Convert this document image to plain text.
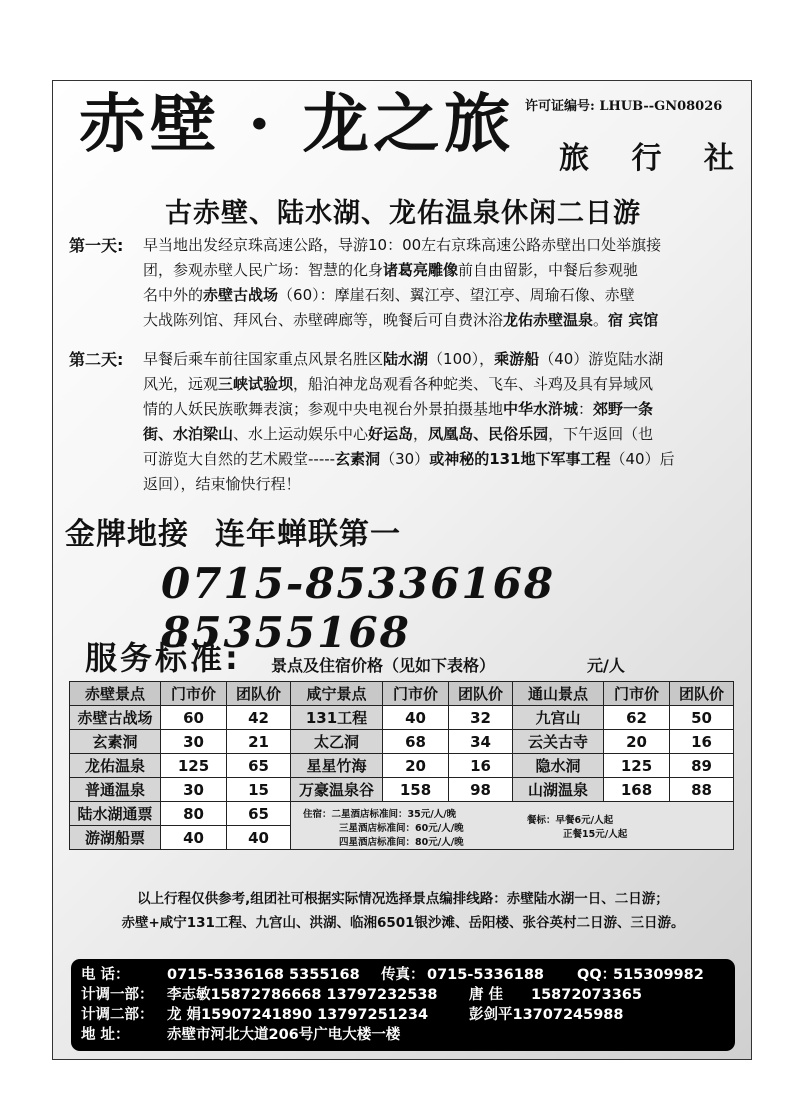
赤壁 · 龙之旅 许可证编号: LHUB--GN08026
旅 行 社
古赤壁、陆水湖、龙佑温泉休闲二日游
第一天: 早当地出发经京珠高速公路，导游10：00左右京珠高速公路赤壁出口处举旗接
团，参观赤壁人民广场：智慧的化身诸葛亮雕像前自由留影，中餐后参观驰
名中外的赤壁古战场（60）：摩崖石刻、翼江亭、望江亭、周瑜石像、赤壁
大战陈列馆、拜风台、赤壁碑廊等，晚餐后可自费沐浴龙佑赤壁温泉。宿 宾馆
第二天: 早餐后乘车前往国家重点风景名胜区陆水湖（100），乘游船（40）游览陆水湖
风光，远观三峡试验坝，船泊神龙岛观看各种蛇类、飞车、斗鸡及具有异域风
情的人妖民族歌舞表演；参观中央电视台外景拍摄基地中华水浒城：郊野一条
街、水泊梁山、水上运动娱乐中心好运岛，凤凰岛、民俗乐园，下午返回（也
可游览大自然的艺术殿堂-----玄素洞（30）或神秘的131地下军事工程（40）后
返回），结束愉快行程！
金牌地接 连年蝉联第一
0715-85336168 85355168
服务标准: 景点及住宿价格（见如下表格）	元/人
赤壁景点	门市价	团队价	咸宁景点	门市价	团队价	通山景点	门市价	团队价
赤壁古战场	60	42	131工程	40	32	九宫山	62	50
玄素洞	30	21	太乙洞	68	34	云关古寺	20	16
龙佑温泉	125	65	星星竹海	20	16	隐水洞	125	89
普通温泉	30	15	万豪温泉谷	158	98	山湖温泉	168	88
陆水湖通票	80	65	住宿：二星酒店标准间：35元/人/晚
三星酒店标准间：60元/人/晚
四星酒店标准间：80元/人/晚
餐标：早餐6元/人起
正餐15元/人起					

游湖船票	40	40						
以上行程仅供参考,组团社可根据实际情况选择景点编排线路：赤壁陆水湖一日、二日游；
赤壁+咸宁131工程、九宫山、洪湖、临湘6501银沙滩、岳阳楼、张谷英村二日游、三日游。
电 话：	0715-5336168 5355168 传真： 0715-5336188 QQ：
515309982
计调一部： 李志敏15872786668 13797232538 唐 佳 15872073365
计调二部： 龙 娟15907241890 13797251234	彭剑平13707245988
地 址：	赤壁市河北大道206号广电大楼一楼
